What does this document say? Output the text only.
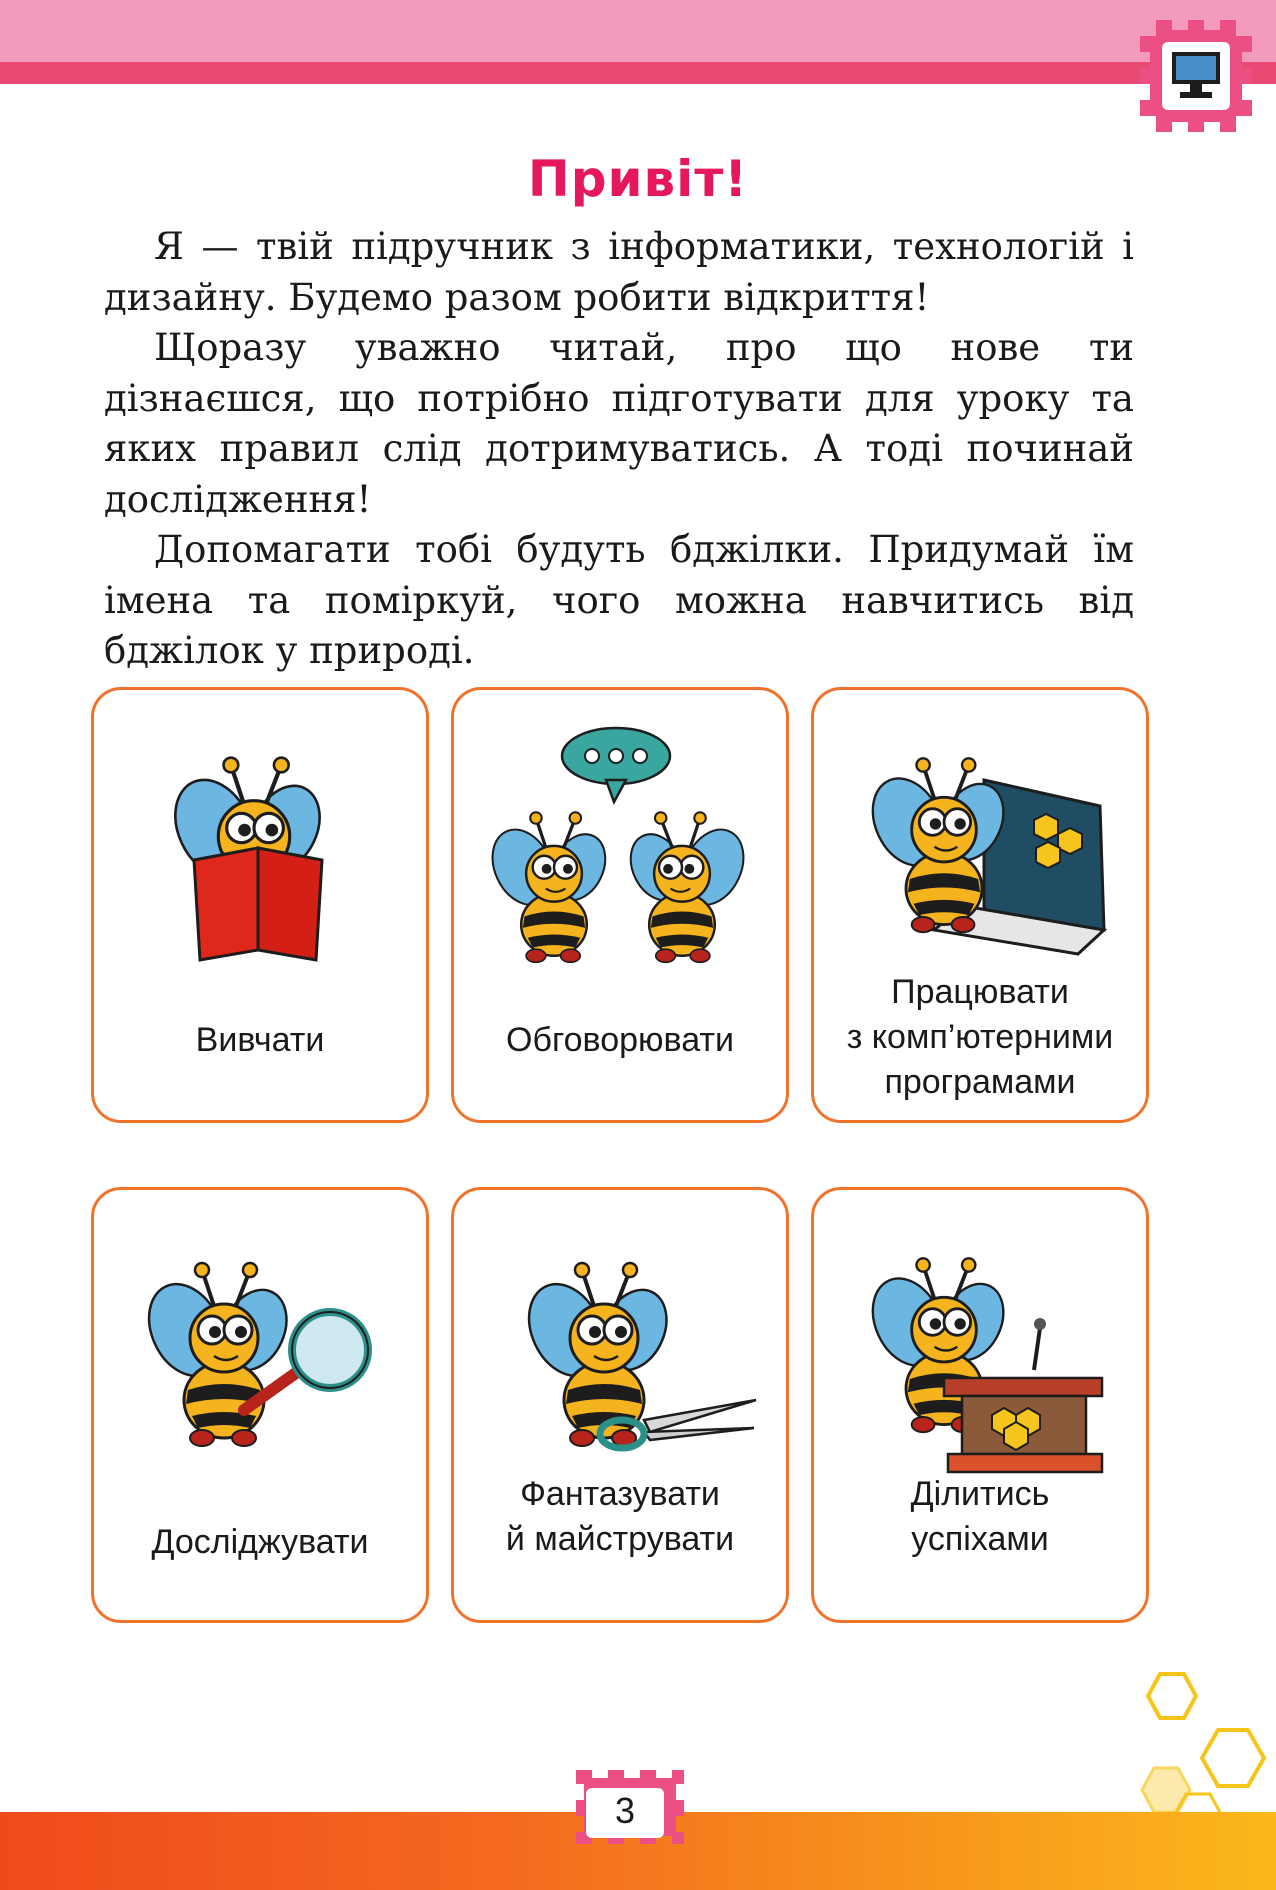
Привіт!

Я — твій підручник з інформатики, технологій і дизайну. Будемо разом робити відкриття!

Щоразу уважно читай, про що нове ти дізнаєшся, що потрібно підготувати для уроку та яких правил слід дотримуватись. А тоді починай дослідження!

Допомагати тобі будуть бджілки. Придумай їм імена та поміркуй, чого можна навчитись від бджілок у природі.

Вивчати	Обговорювати
Працювати
з комп’ютерними
програмами
Досліджувати
Фантазувати
й майструвати
Ділитись
успіхами
3
